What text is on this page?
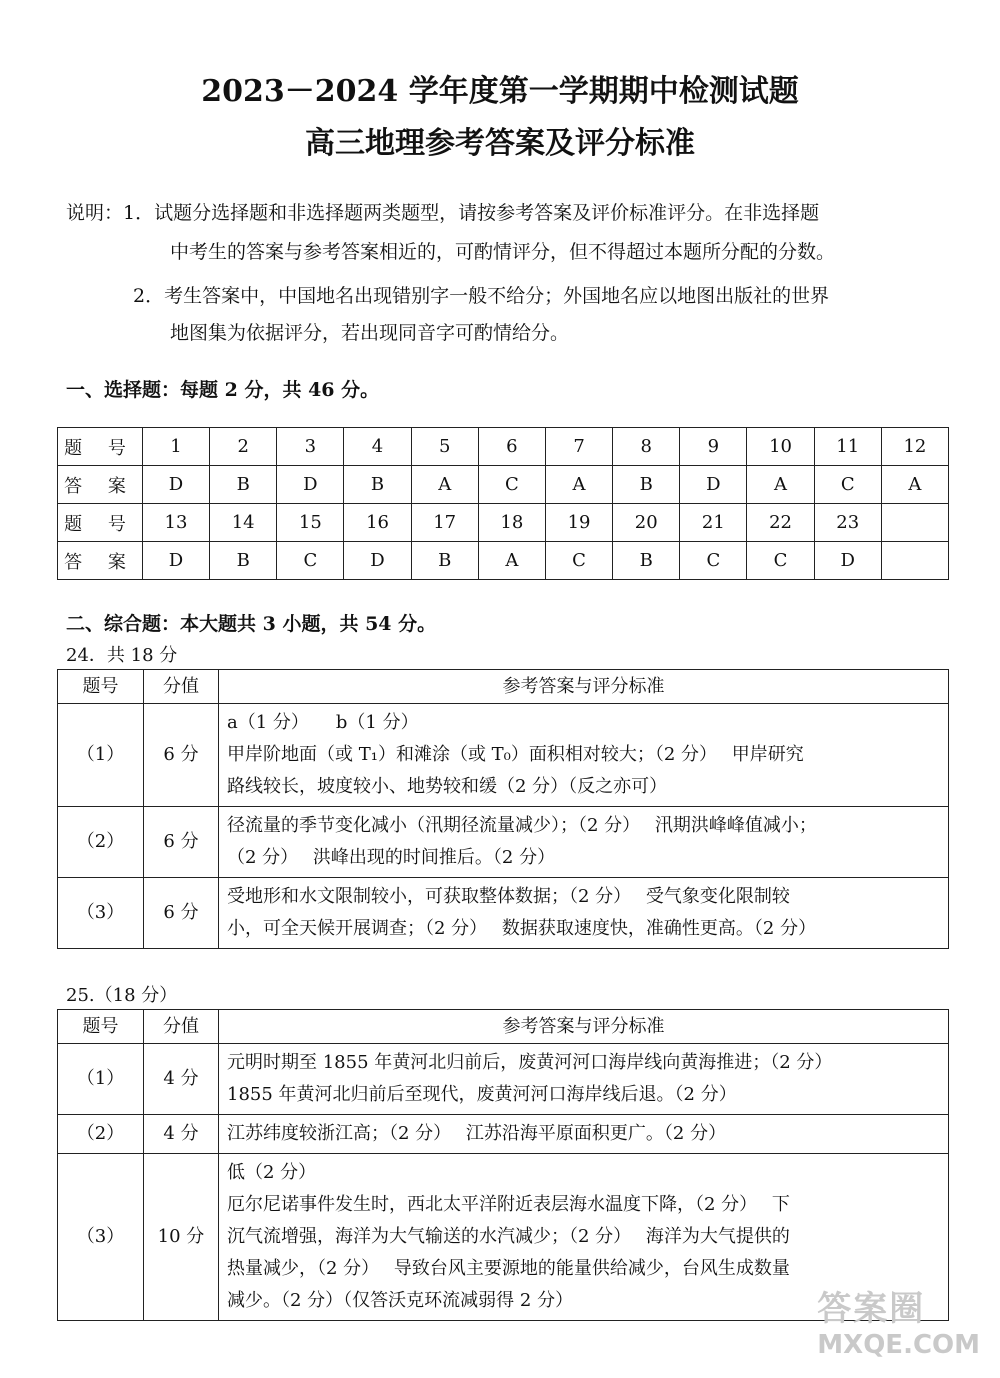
2023－2024 学年度第一学期期中检测试题
高三地理参考答案及评分标准
说明：1．试题分选择题和非选择题两类题型，请按参考答案及评价标准评分。在非选择题
中考生的答案与参考答案相近的，可酌情评分，但不得超过本题所分配的分数。
2．考生答案中，中国地名出现错别字一般不给分；外国地名应以地图出版社的世界
地图集为依据评分，若出现同音字可酌情给分。
一、选择题：每题 2 分，共 46 分。
题 号	1	2	3	4	5	6	7	8	9	10	11	12
答 案	D	B	D	B	A	C	A	B	D	A	C	A
题 号	13	14	15	16	17	18	19	20	21	22	23	
答 案	D	B	C	D	B	A	C	B	C	C	D	
二、综合题：本大题共 3 小题，共 54 分。
24．共 18 分
题号	分值	参考答案与评分标准
（1）	6 分	a（1 分）　　b（1 分）
甲岸阶地面（或 T₁）和滩涂（或 T₀）面积相对较大；（2 分）　 甲岸研究
路线较长，坡度较小、地势较和缓（2 分）（反之亦可）

（2）	6 分	径流量的季节变化减小（汛期径流量减少）；（2 分）　 汛期洪峰峰值减小；
（2 分）　 洪峰出现的时间推后。（2 分）

（3）	6 分	受地形和水文限制较小，可获取整体数据；（2 分）　 受气象变化限制较
小，可全天候开展调查；（2 分）　 数据获取速度快，准确性更高。（2 分）
25.（18 分）
题号	分值	参考答案与评分标准
（1）	4 分	元明时期至 1855 年黄河北归前后，废黄河河口海岸线向黄海推进；（2 分）
1855 年黄河北归前后至现代，废黄河河口海岸线后退。（2 分）

（2）	4 分	江苏纬度较浙江高；（2 分）　 江苏沿海平原面积更广。（2 分）

（3）	10 分	低（2 分）
厄尔尼诺事件发生时，西北太平洋附近表层海水温度下降，（2 分）　 下
沉气流增强，海洋为大气输送的水汽减少；（2 分）　 海洋为大气提供的
热量减少，（2 分）　 导致台风主要源地的能量供给减少，台风生成数量
减少。（2 分）（仅答沃克环流减弱得 2 分）	答案圈
MXQE.COM
